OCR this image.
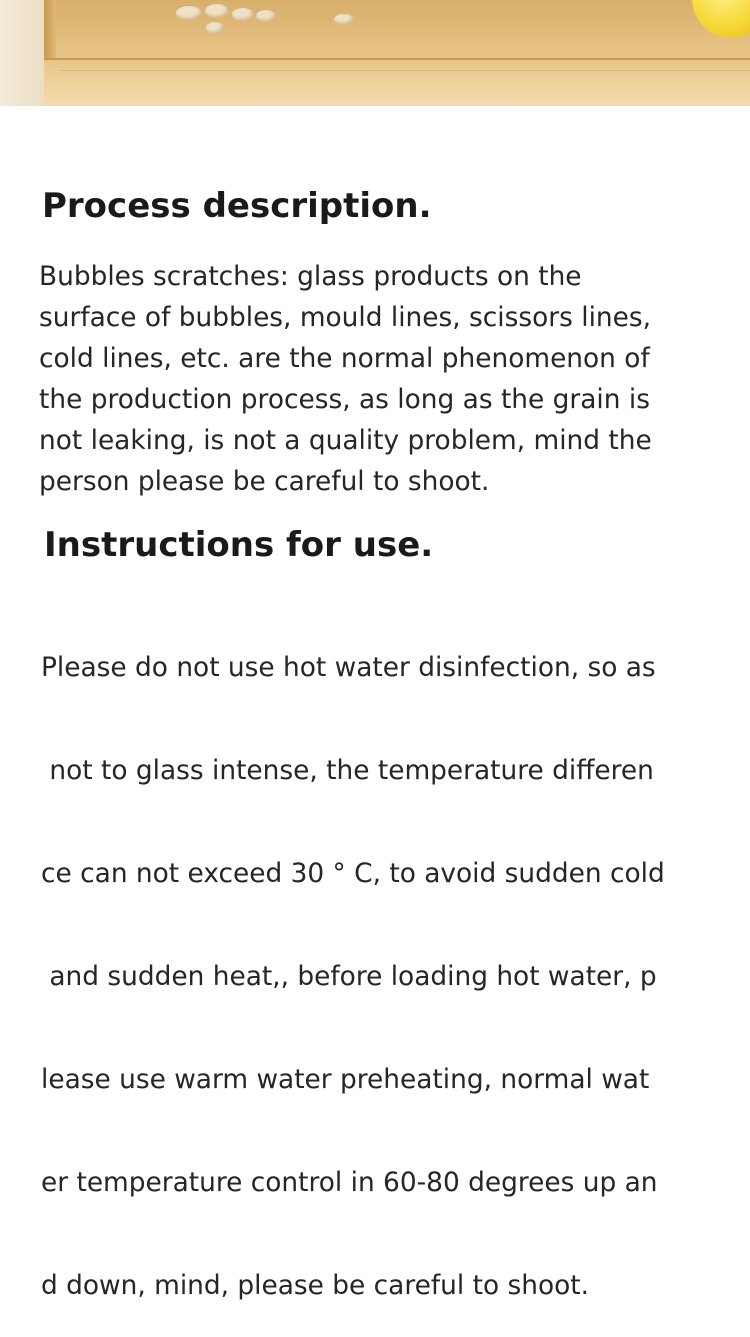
Process description.
Bubbles scratches: glass products on the
surface of bubbles, mould lines, scissors lines,
cold lines, etc. are the normal phenomenon of
the production process, as long as the grain is
not leaking, is not a quality problem, mind the
person please be careful to shoot.
Instructions for use.

Please do not use hot water disinfection, so as

not to glass intense, the temperature differen

ce can not exceed 30 ° C, to avoid sudden cold

and sudden heat,, before loading hot water, p

lease use warm water preheating, normal wat

er temperature control in 60-80 degrees up an

d down, mind, please be careful to shoot.
